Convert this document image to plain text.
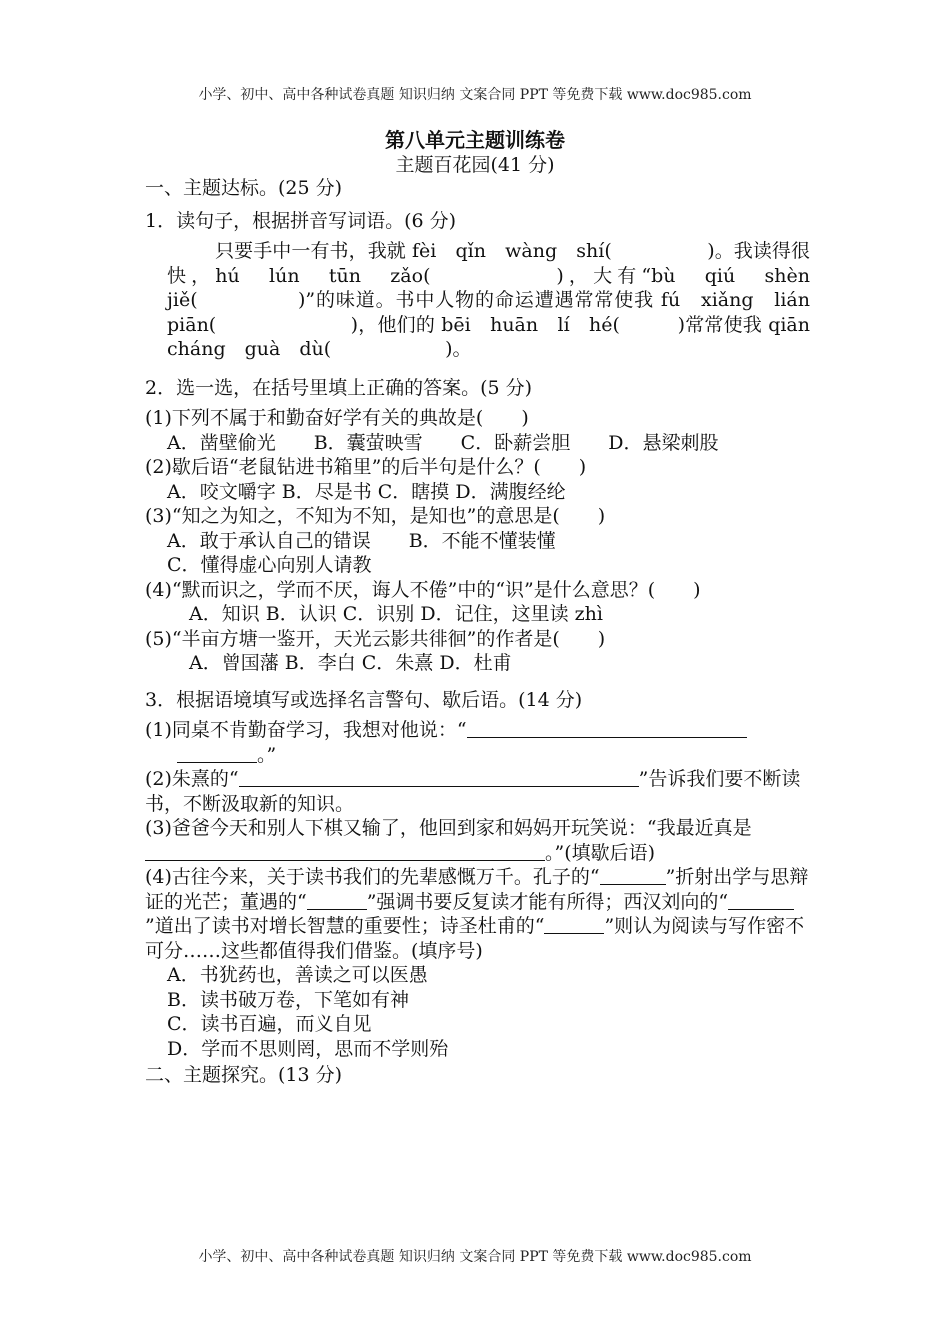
小学、初中、高中各种试卷真题 知识归纳 文案合同 PPT 等免费下载 www.doc985.com
第八单元主题训练卷
主题百花园(41 分)

一、主题达标。(25 分)

1．读句子，根据拼音写词语。(6 分)

只要手中一有书，我就 fèi　qǐn　wàng　shí(　　　　　)。我读得很快，hú　lún　tūn　zǎo(　　　　　)，大有“bù　qiú　shèn　jiě(　　　　　)”的味道。书中人物的命运遭遇常常使我 fú　xiǎng　lián　piān(　　　　　　　)，他们的 bēi　huān　lí　hé(　　　)常常使我 qiān　cháng　guà　dù(　　　　　　)。

2．选一选，在括号里填上正确的答案。(5 分)

(1)下列不属于和勤奋好学有关的典故是(　　)

A．凿壁偷光　　B．囊萤映雪　　C．卧薪尝胆　　D．悬梁刺股

(2)歇后语“老鼠钻进书箱里”的后半句是什么？(　　)

A．咬文嚼字 B．尽是书 C．瞎摸 D．满腹经纶

(3)“知之为知之，不知为不知，是知也”的意思是(　　)

A．敢于承认自己的错误　　B．不能不懂装懂

C．懂得虚心向别人请教

(4)“默而识之，学而不厌，诲人不倦”中的“识”是什么意思？(　　)

A．知识 B．认识 C．识别 D．记住，这里读 zhì

(5)“半亩方塘一鉴开，天光云影共徘徊”的作者是(　　)

A．曾国藩 B．李白 C．朱熹 D．杜甫

3．根据语境填写或选择名言警句、歇后语。(14 分)

(1)同桌不肯勤奋学习，我想对他说：“
。”

(2)朱熹的“	”告诉我们要不断读书，不断汲取新的知识。

(3)爸爸今天和别人下棋又输了，他回到家和妈妈开玩笑说：“我最近真是。”(填歇后语)

(4)古往今来，关于读书我们的先辈感慨万千。孔子的“	”折射出学与思辩证的光芒；董遇的“	”强调书要反复读才能有所得；西汉刘向的“”道出了读书对增长智慧的重要性；诗圣杜甫的“	”则认为阅读与写作密不可分……这些都值得我们借鉴。(填序号)

A．书犹药也，善读之可以医愚

B．读书破万卷，下笔如有神

C．读书百遍，而义自见

D．学而不思则罔，思而不学则殆

二、主题探究。(13 分)

小学、初中、高中各种试卷真题 知识归纳 文案合同 PPT 等免费下载 www.doc985.com
